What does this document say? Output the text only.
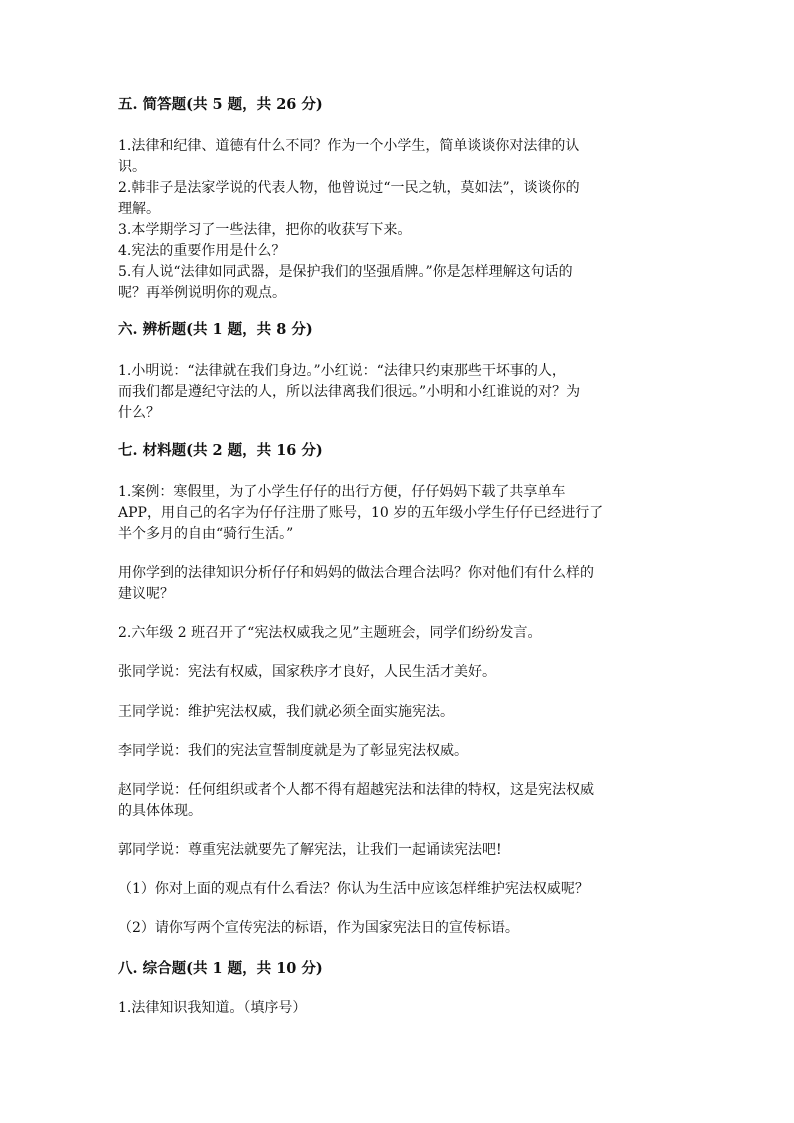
五. 简答题(共 5 题，共 26 分)
1.法律和纪律、道德有什么不同？作为一个小学生，简单谈谈你对法律的认
识。
2.韩非子是法家学说的代表人物，他曾说过“一民之轨，莫如法”，谈谈你的
理解。
3.本学期学习了一些法律，把你的收获写下来。
4.宪法的重要作用是什么？
5.有人说“法律如同武器，是保护我们的坚强盾牌。”你是怎样理解这句话的
呢？再举例说明你的观点。
六. 辨析题(共 1 题，共 8 分)
1.小明说：“法律就在我们身边。”小红说：“法律只约束那些干坏事的人，
而我们都是遵纪守法的人，所以法律离我们很远。”小明和小红谁说的对？为
什么？
七. 材料题(共 2 题，共 16 分)
1.案例：寒假里，为了小学生仔仔的出行方便，仔仔妈妈下载了共享单车
APP，用自己的名字为仔仔注册了账号，10 岁的五年级小学生仔仔已经进行了
半个多月的自由“骑行生活。”
用你学到的法律知识分析仔仔和妈妈的做法合理合法吗？你对他们有什么样的
建议呢？
2.六年级 2 班召开了“宪法权威我之见”主题班会，同学们纷纷发言。
张同学说：宪法有权威，国家秩序才良好，人民生活才美好。
王同学说：维护宪法权威，我们就必须全面实施宪法。
李同学说：我们的宪法宣誓制度就是为了彰显宪法权威。
赵同学说：任何组织或者个人都不得有超越宪法和法律的特权，这是宪法权威
的具体体现。
郭同学说：尊重宪法就要先了解宪法，让我们一起诵读宪法吧!
（1）你对上面的观点有什么看法？你认为生活中应该怎样维护宪法权威呢？
（2）请你写两个宣传宪法的标语，作为国家宪法日的宣传标语。
八. 综合题(共 1 题，共 10 分)
1.法律知识我知道。（填序号）
